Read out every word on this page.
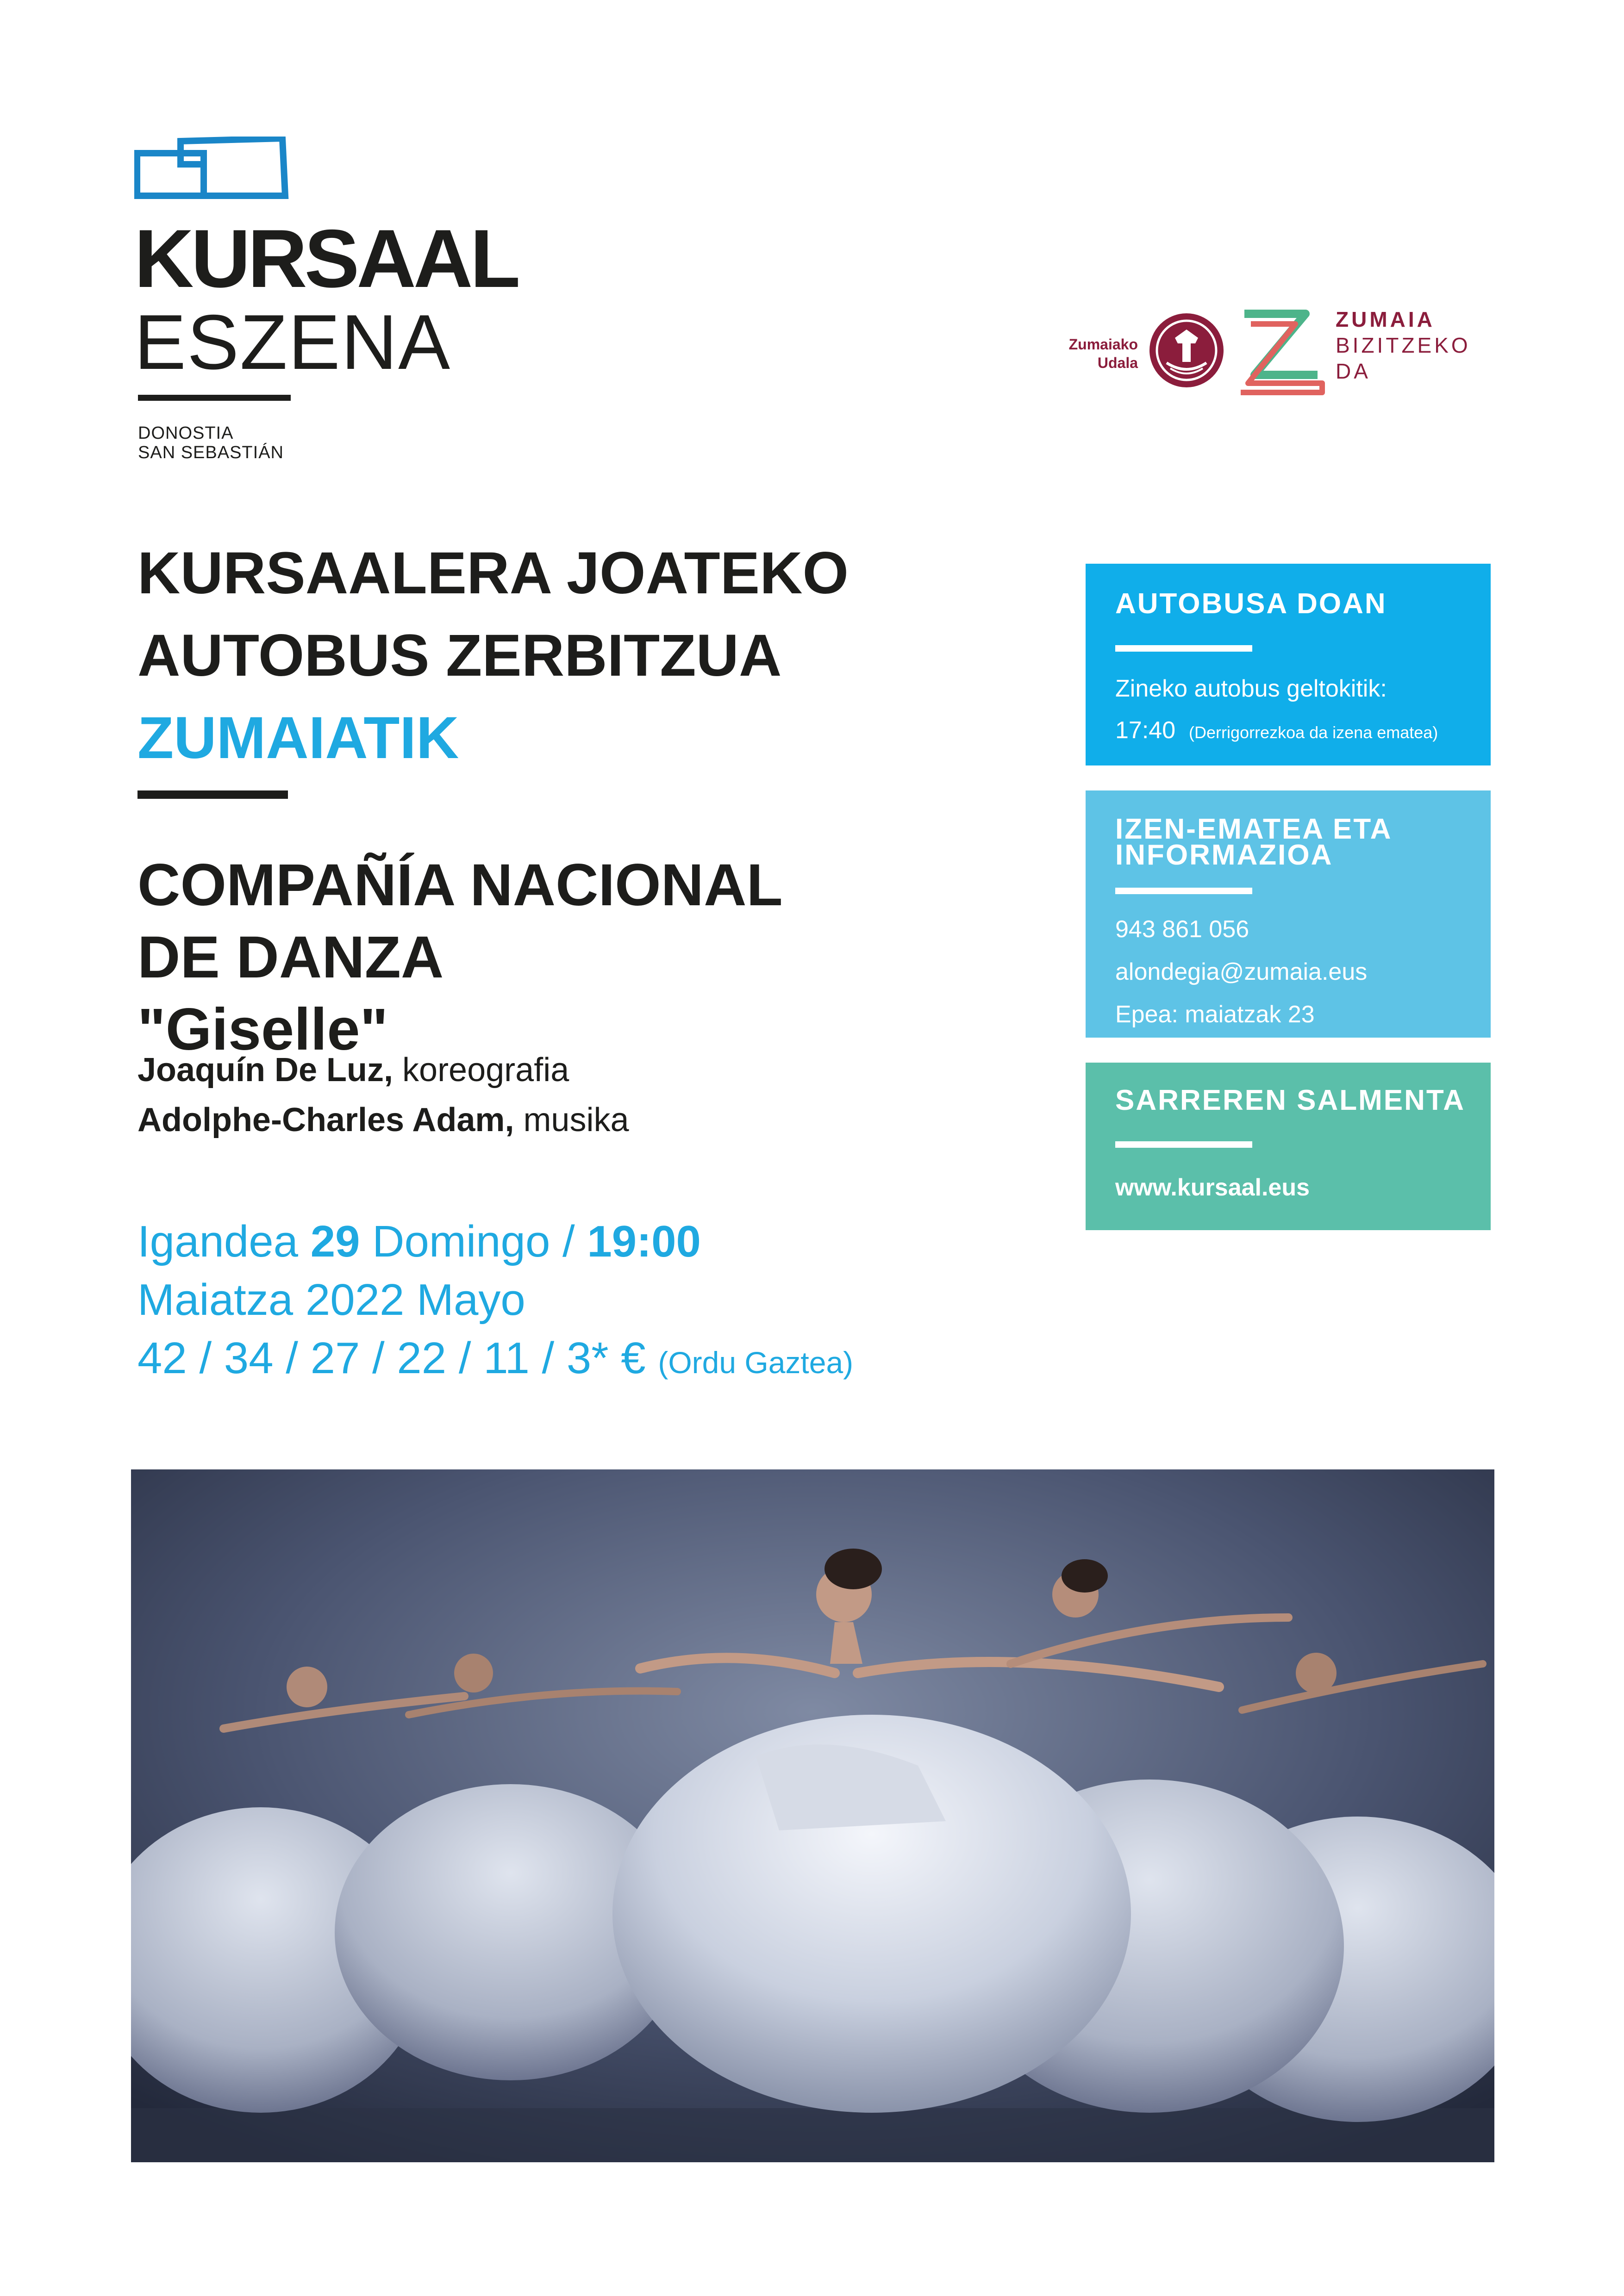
KURSAAL
ESZENA
DONOSTIA
SAN SEBASTIÁN
Zumaiako
Udala
ZUMAIA
BIZITZEKO
DA
KURSAALERA JOATEKO
AUTOBUS ZERBITZUA
ZUMAIATIK
COMPAÑÍA NACIONAL
DE DANZA
"Giselle"
Joaquín De Luz, koreografia
Adolphe-Charles Adam, musika
Igandea 29 Domingo / 19:00
Maiatza 2022 Mayo
42 / 34 / 27 / 22 / 11 / 3* € (Ordu Gaztea)
AUTOBUSA DOAN
Zineko autobus geltokitik:
17:40 (Derrigorrezkoa da izena ematea)
IZEN-EMATEA ETA
INFORMAZIOA
943 861 056
alondegia@zumaia.eus
Epea: maiatzak 23
SARREREN SALMENTA
www.kursaal.eus
